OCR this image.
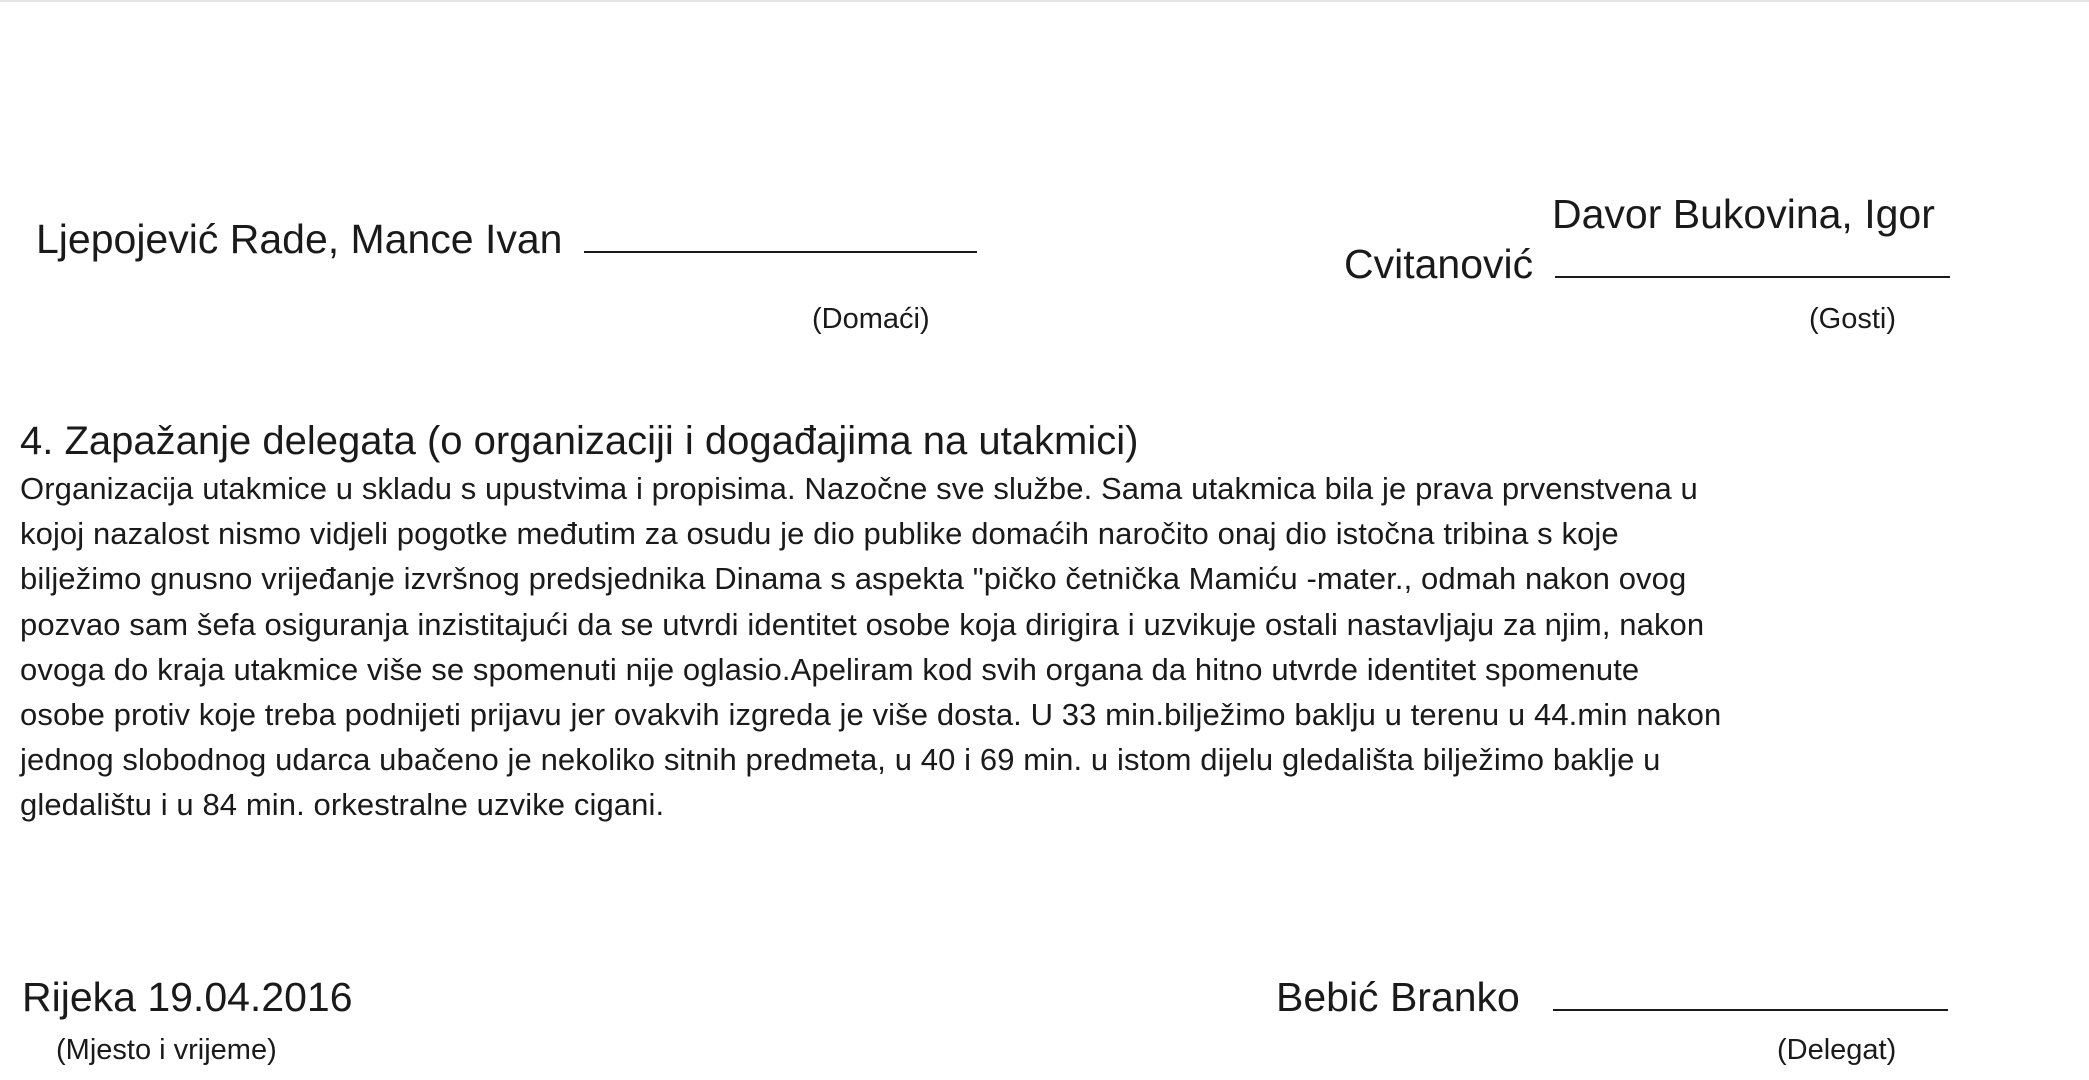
Ljepojević Rade, Mance Ivan
(Domaći)
Davor Bukovina, Igor
Cvitanović
(Gosti)
4. Zapažanje delegata (o organizaciji i događajima na utakmici)
Organizacija utakmice u skladu s upustvima i propisima. Nazočne sve službe. Sama utakmica bila je prava prvenstvena u
kojoj nazalost nismo vidjeli pogotke međutim za osudu je dio publike domaćih naročito onaj dio istočna tribina s koje
bilježimo gnusno vrijeđanje izvršnog predsjednika Dinama s aspekta "pičko četnička Mamiću -mater., odmah nakon ovog
pozvao sam šefa osiguranja inzistitajući da se utvrdi identitet osobe koja dirigira i uzvikuje ostali nastavljaju za njim, nakon
ovoga do kraja utakmice više se spomenuti nije oglasio.Apeliram kod svih organa da hitno utvrde identitet spomenute
osobe protiv koje treba podnijeti prijavu jer ovakvih izgreda je više dosta. U 33 min.bilježimo baklju u terenu u 44.min nakon
jednog slobodnog udarca ubačeno je nekoliko sitnih predmeta, u 40 i 69 min. u istom dijelu gledališta bilježimo baklje u
gledalištu i u 84 min. orkestralne uzvike cigani.
Rijeka 19.04.2016
(Mjesto i vrijeme)
Bebić Branko
(Delegat)
